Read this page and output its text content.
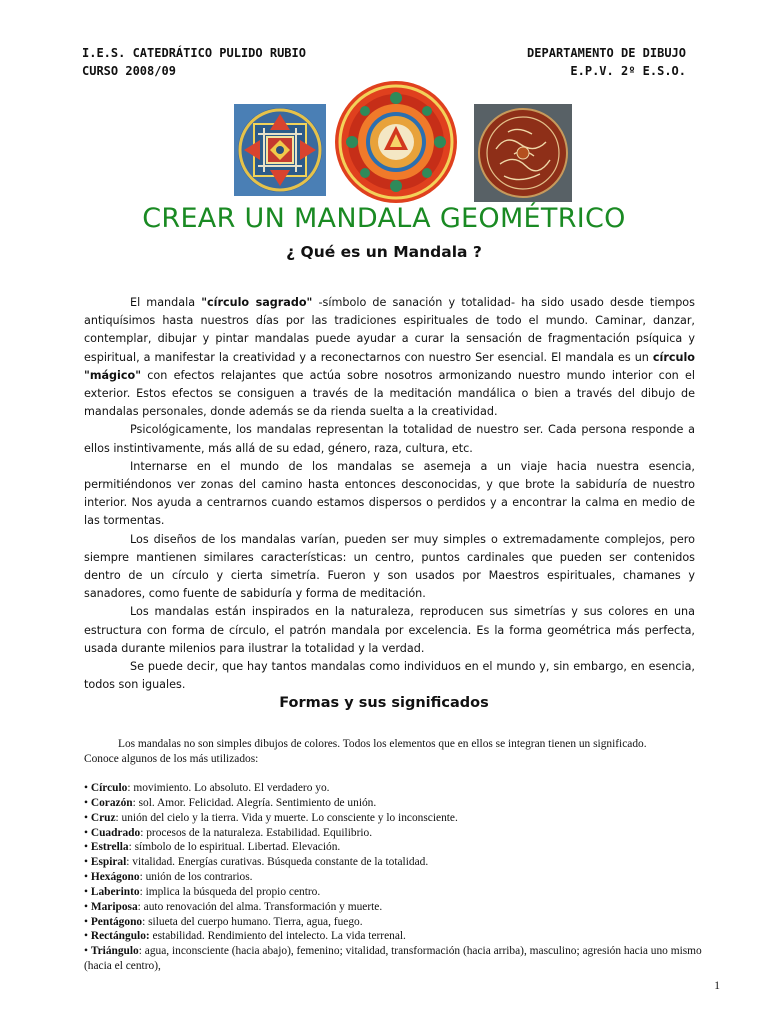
I.E.S. CATEDRÁTICO PULIDO RUBIO
CURSO 2008/09
DEPARTAMENTO DE DIBUJO
E.P.V. 2º E.S.O.
CREAR UN MANDALA GEOMÉTRICO
¿ Qué es un Mandala ?

El mandala "círculo sagrado" -símbolo de sanación y totalidad- ha sido usado desde tiempos antiquísimos hasta nuestros días por las tradiciones espirituales de todo el mundo. Caminar, danzar, contemplar, dibujar y pintar mandalas puede ayudar a curar la sensación de fragmentación psíquica y espiritual, a manifestar la creatividad y a reconectarnos con nuestro Ser esencial. El mandala es un círculo "mágico" con efectos relajantes que actúa sobre nosotros armonizando nuestro mundo interior con el exterior. Estos efectos se consiguen a través de la meditación mandálica o bien a través del dibujo de mandalas personales, donde además se da rienda suelta a la creatividad.

Psicológicamente, los mandalas representan la totalidad de nuestro ser. Cada persona responde a ellos instintivamente, más allá de su edad, género, raza, cultura, etc.

Internarse en el mundo de los mandalas se asemeja a un viaje hacia nuestra esencia, permitiéndonos ver zonas del camino hasta entonces desconocidas, y que brote la sabiduría de nuestro interior. Nos ayuda a centrarnos cuando estamos dispersos o perdidos y a encontrar la calma en medio de las tormentas.

Los diseños de los mandalas varían, pueden ser muy simples o extremadamente complejos, pero siempre mantienen similares características: un centro, puntos cardinales que pueden ser contenidos dentro de un círculo y cierta simetría. Fueron y son usados por Maestros espirituales, chamanes y sanadores, como fuente de sabiduría y forma de meditación.

Los mandalas están inspirados en la naturaleza, reproducen sus simetrías y sus colores en una estructura con forma de círculo, el patrón mandala por excelencia. Es la forma geométrica más perfecta, usada durante milenios para ilustrar la totalidad y la verdad.

Se puede decir, que hay tantos mandalas como individuos en el mundo y, sin embargo, en esencia, todos son iguales.

Formas y sus significados

Los mandalas no son simples dibujos de colores. Todos los elementos que en ellos se integran tienen un significado.

Conoce algunos de los más utilizados:

• Círculo: movimiento. Lo absoluto. El verdadero yo.
• Corazón: sol. Amor. Felicidad. Alegría. Sentimiento de unión.
• Cruz: unión del cielo y la tierra. Vida y muerte. Lo consciente y lo inconsciente.
• Cuadrado: procesos de la naturaleza. Estabilidad. Equilibrio.
• Estrella: símbolo de lo espiritual. Libertad. Elevación.
• Espiral: vitalidad. Energías curativas. Búsqueda constante de la totalidad.
• Hexágono: unión de los contrarios.
• Laberinto: implica la búsqueda del propio centro.
• Mariposa: auto renovación del alma. Transformación y muerte.
• Pentágono: silueta del cuerpo humano. Tierra, agua, fuego.
• Rectángulo: estabilidad. Rendimiento del intelecto. La vida terrenal.
• Triángulo: agua, inconsciente (hacia abajo), femenino; vitalidad, transformación (hacia arriba), masculino; agresión hacia uno mismo (hacia el centro),
1
